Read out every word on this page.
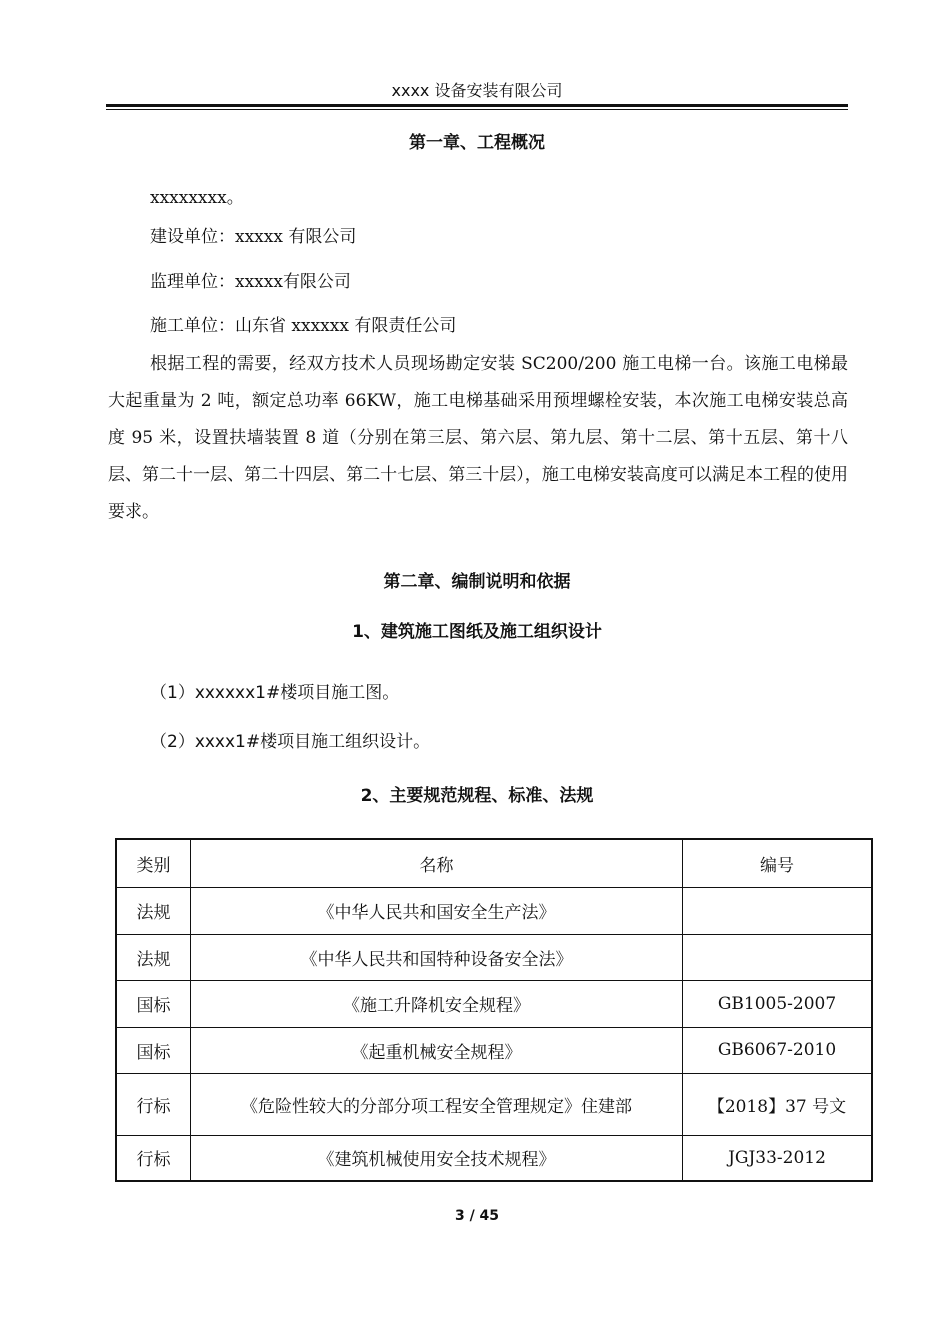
xxxx 设备安装有限公司
第一章、工程概况
xxxxxxxx。
建设单位：xxxxx 有限公司
监理单位：xxxxx有限公司
施工单位：山东省 xxxxxx 有限责任公司
根据工程的需要，经双方技术人员现场勘定安装 SC200/200 施工电梯一台。该施工电梯最大起重量为 2 吨，额定总功率 66KW，施工电梯基础采用预埋螺栓安装，本次施工电梯安装总高度 95 米，设置扶墙装置 8 道（分别在第三层、第六层、第九层、第十二层、第十五层、第十八层、第二十一层、第二十四层、第二十七层、第三十层），施工电梯安装高度可以满足本工程的使用要求。
第二章、编制说明和依据
1、建筑施工图纸及施工组织设计
（1）xxxxxx1#楼项目施工图。
（2）xxxx1#楼项目施工组织设计。
2、主要规范规程、标准、法规
类别	名称	编号
法规	《中华人民共和国安全生产法》	
法规	《中华人民共和国特种设备安全法》	
国标	《施工升降机安全规程》	GB1005-2007
国标	《起重机械安全规程》	GB6067-2010
行标	《危险性较大的分部分项工程安全管理规定》住建部	【2018】37 号文
行标	《建筑机械使用安全技术规程》	JGJ33-2012
3 / 45
